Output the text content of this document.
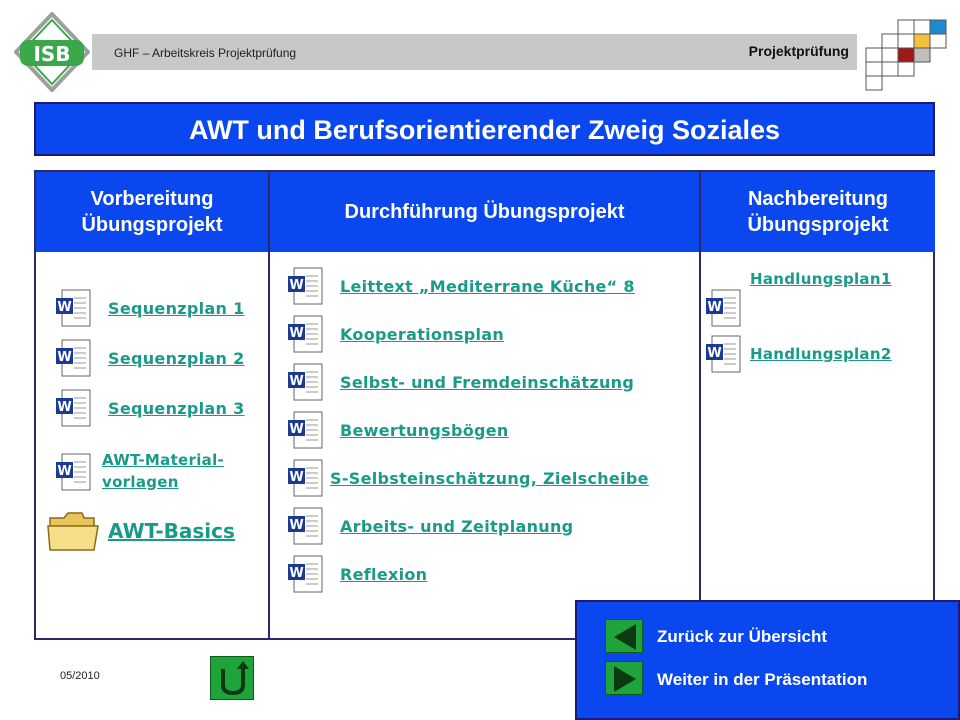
ISB	GHF – Arbeitskreis Projektprüfung	Projektprüfung
AWT und Berufsorientierender Zweig Soziales
Vorbereitung
Übungsprojekt
Durchführung Übungsprojekt
Nachbereitung
Übungsprojekt
W Sequenzplan 1
W Sequenzplan 2
W Sequenzplan 3
W
AWT-Material-
vorlagen
AWT-Basics
W Leittext „Mediterrane Küche“ 8
W Kooperationsplan
W Selbst- und Fremdeinschätzung
W Bewertungsbögen
W S-Selbsteinschätzung, Zielscheibe
W Arbeits- und Zeitplanung
W Reflexion
W
Handlungsplan1
W Handlungsplan2
05/2010
Zurück zur Übersicht
Weiter in der Präsentation
